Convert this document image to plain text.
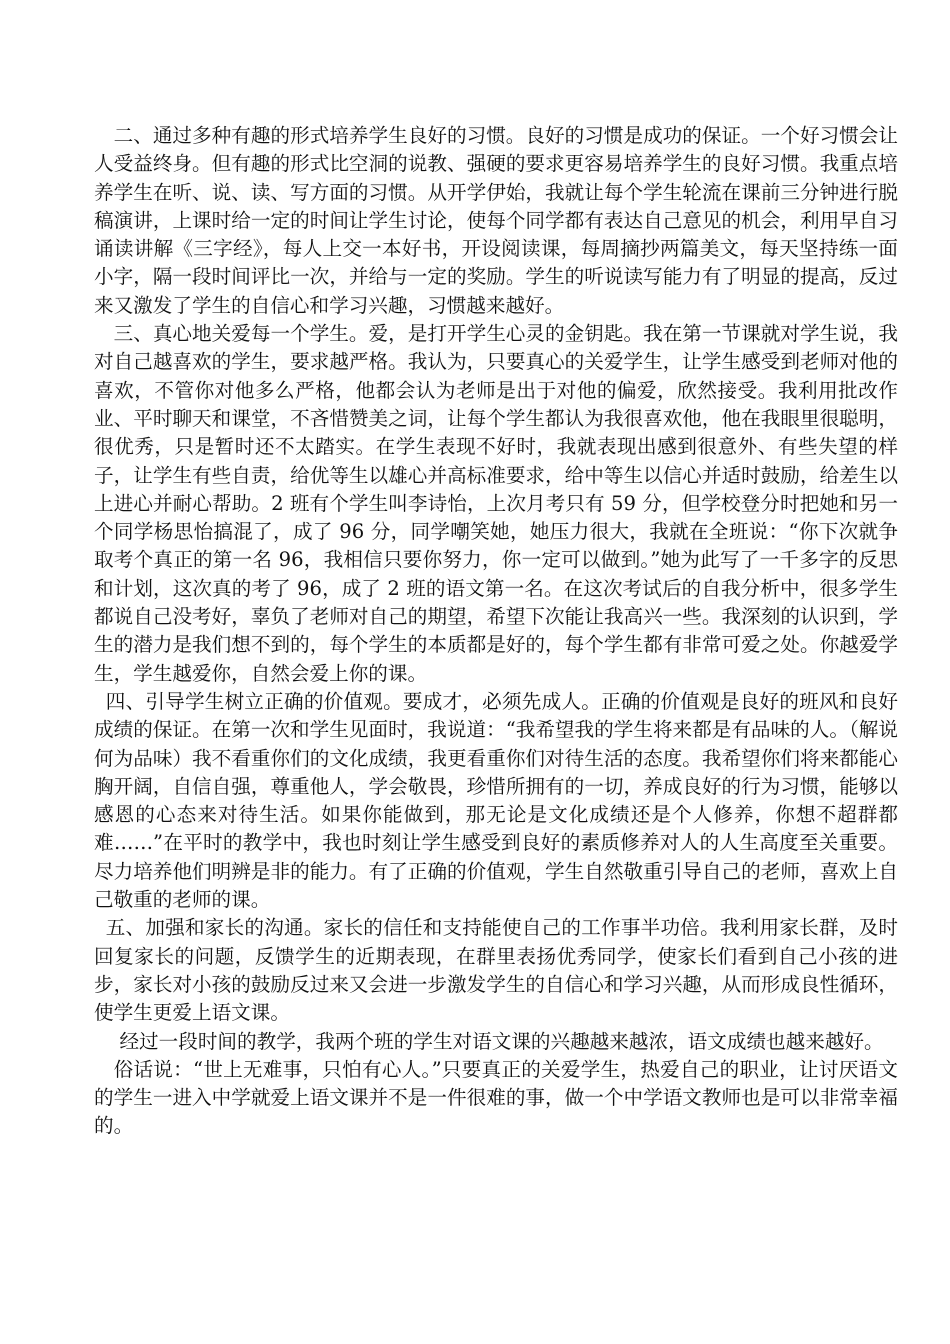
二、通过多种有趣的形式培养学生良好的习惯。良好的习惯是成功的保证。一个好习惯会让人受益终身。但有趣的形式比空洞的说教、强硬的要求更容易培养学生的良好习惯。我重点培养学生在听、说、读、写方面的习惯。从开学伊始，我就让每个学生轮流在课前三分钟进行脱稿演讲，上课时给一定的时间让学生讨论，使每个同学都有表达自己意见的机会，利用早自习诵读讲解《三字经》，每人上交一本好书，开设阅读课，每周摘抄两篇美文，每天坚持练一面小字，隔一段时间评比一次，并给与一定的奖励。学生的听说读写能力有了明显的提高，反过来又激发了学生的自信心和学习兴趣，习惯越来越好。

三、真心地关爱每一个学生。爱，是打开学生心灵的金钥匙。我在第一节课就对学生说，我对自己越喜欢的学生，要求越严格。我认为，只要真心的关爱学生，让学生感受到老师对他的喜欢，不管你对他多么严格，他都会认为老师是出于对他的偏爱，欣然接受。我利用批改作业、平时聊天和课堂，不吝惜赞美之词，让每个学生都认为我很喜欢他，他在我眼里很聪明，很优秀，只是暂时还不太踏实。在学生表现不好时，我就表现出感到很意外、有些失望的样子，让学生有些自责，给优等生以雄心并高标准要求，给中等生以信心并适时鼓励，给差生以上进心并耐心帮助。2 班有个学生叫李诗怡，上次月考只有 59 分，但学校登分时把她和另一个同学杨思怡搞混了，成了 96 分，同学嘲笑她，她压力很大，我就在全班说：“你下次就争取考个真正的第一名 96，我相信只要你努力，你一定可以做到。”她为此写了一千多字的反思和计划，这次真的考了 96，成了 2 班的语文第一名。在这次考试后的自我分析中，很多学生都说自己没考好，辜负了老师对自己的期望，希望下次能让我高兴一些。我深刻的认识到，学生的潜力是我们想不到的，每个学生的本质都是好的，每个学生都有非常可爱之处。你越爱学生，学生越爱你，自然会爱上你的课。

四、引导学生树立正确的价值观。要成才，必须先成人。正确的价值观是良好的班风和良好成绩的保证。在第一次和学生见面时，我说道：“我希望我的学生将来都是有品味的人。（解说何为品味）我不看重你们的文化成绩，我更看重你们对待生活的态度。我希望你们将来都能心胸开阔，自信自强，尊重他人，学会敬畏，珍惜所拥有的一切，养成良好的行为习惯，能够以感恩的心态来对待生活。如果你能做到，那无论是文化成绩还是个人修养，你想不超群都难……”在平时的教学中，我也时刻让学生感受到良好的素质修养对人的人生高度至关重要。尽力培养他们明辨是非的能力。有了正确的价值观，学生自然敬重引导自己的老师，喜欢上自己敬重的老师的课。

五、加强和家长的沟通。家长的信任和支持能使自己的工作事半功倍。我利用家长群，及时回复家长的问题，反馈学生的近期表现，在群里表扬优秀同学，使家长们看到自己小孩的进步，家长对小孩的鼓励反过来又会进一步激发学生的自信心和学习兴趣，从而形成良性循环，使学生更爱上语文课。

经过一段时间的教学，我两个班的学生对语文课的兴趣越来越浓，语文成绩也越来越好。

俗话说：“世上无难事，只怕有心人。”只要真正的关爱学生，热爱自己的职业，让讨厌语文的学生一进入中学就爱上语文课并不是一件很难的事，做一个中学语文教师也是可以非常幸福的。
